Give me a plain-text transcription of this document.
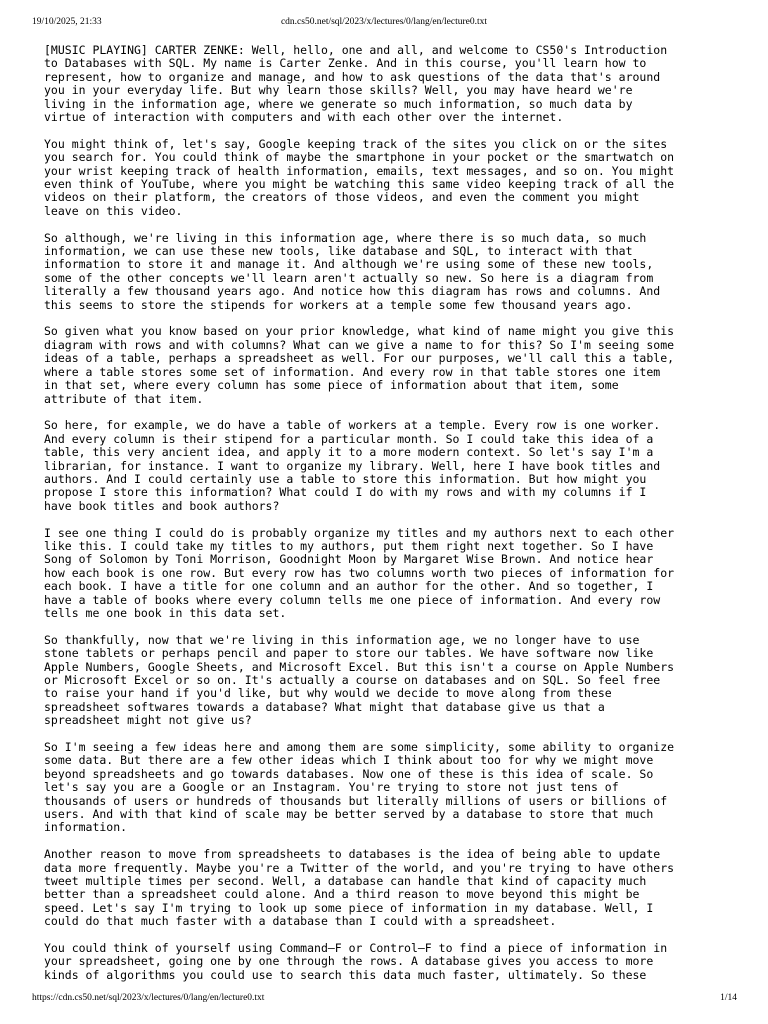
19/10/2025, 21:33	cdn.cs50.net/sql/2023/x/lectures/0/lang/en/lecture0.txt

[MUSIC PLAYING] CARTER ZENKE: Well, hello, one and all, and welcome to CS50's Introduction
to Databases with SQL. My name is Carter Zenke. And in this course, you'll learn how to
represent, how to organize and manage, and how to ask questions of the data that's around
you in your everyday life. But why learn those skills? Well, you may have heard we're
living in the information age, where we generate so much information, so much data by
virtue of interaction with computers and with each other over the internet.

You might think of, let's say, Google keeping track of the sites you click on or the sites
you search for. You could think of maybe the smartphone in your pocket or the smartwatch on
your wrist keeping track of health information, emails, text messages, and so on. You might
even think of YouTube, where you might be watching this same video keeping track of all the
videos on their platform, the creators of those videos, and even the comment you might
leave on this video.

So although, we're living in this information age, where there is so much data, so much
information, we can use these new tools, like database and SQL, to interact with that
information to store it and manage it. And although we're using some of these new tools,
some of the other concepts we'll learn aren't actually so new. So here is a diagram from
literally a few thousand years ago. And notice how this diagram has rows and columns. And
this seems to store the stipends for workers at a temple some few thousand years ago.

So given what you know based on your prior knowledge, what kind of name might you give this
diagram with rows and with columns? What can we give a name to for this? So I'm seeing some
ideas of a table, perhaps a spreadsheet as well. For our purposes, we'll call this a table,
where a table stores some set of information. And every row in that table stores one item
in that set, where every column has some piece of information about that item, some
attribute of that item.

So here, for example, we do have a table of workers at a temple. Every row is one worker.
And every column is their stipend for a particular month. So I could take this idea of a
table, this very ancient idea, and apply it to a more modern context. So let's say I'm a
librarian, for instance. I want to organize my library. Well, here I have book titles and
authors. And I could certainly use a table to store this information. But how might you
propose I store this information? What could I do with my rows and with my columns if I
have book titles and book authors?

I see one thing I could do is probably organize my titles and my authors next to each other
like this. I could take my titles to my authors, put them right next together. So I have
Song of Solomon by Toni Morrison, Goodnight Moon by Margaret Wise Brown. And notice hear
how each book is one row. But every row has two columns worth two pieces of information for
each book. I have a title for one column and an author for the other. And so together, I
have a table of books where every column tells me one piece of information. And every row
tells me one book in this data set.

So thankfully, now that we're living in this information age, we no longer have to use
stone tablets or perhaps pencil and paper to store our tables. We have software now like
Apple Numbers, Google Sheets, and Microsoft Excel. But this isn't a course on Apple Numbers
or Microsoft Excel or so on. It's actually a course on databases and on SQL. So feel free
to raise your hand if you'd like, but why would we decide to move along from these
spreadsheet softwares towards a database? What might that database give us that a
spreadsheet might not give us?

So I'm seeing a few ideas here and among them are some simplicity, some ability to organize
some data. But there are a few other ideas which I think about too for why we might move
beyond spreadsheets and go towards databases. Now one of these is this idea of scale. So
let's say you are a Google or an Instagram. You're trying to store not just tens of
thousands of users or hundreds of thousands but literally millions of users or billions of
users. And with that kind of scale may be better served by a database to store that much
information.

Another reason to move from spreadsheets to databases is the idea of being able to update
data more frequently. Maybe you're a Twitter of the world, and you're trying to have others
tweet multiple times per second. Well, a database can handle that kind of capacity much
better than a spreadsheet could alone. And a third reason to move beyond this might be
speed. Let's say I'm trying to look up some piece of information in my database. Well, I
could do that much faster with a database than I could with a spreadsheet.

You could think of yourself using Command–F or Control–F to find a piece of information in
your spreadsheet, going one by one through the rows. A database gives you access to more
kinds of algorithms you could use to search this data much faster, ultimately. So these

https://cdn.cs50.net/sql/2023/x/lectures/0/lang/en/lecture0.txt	1/14
